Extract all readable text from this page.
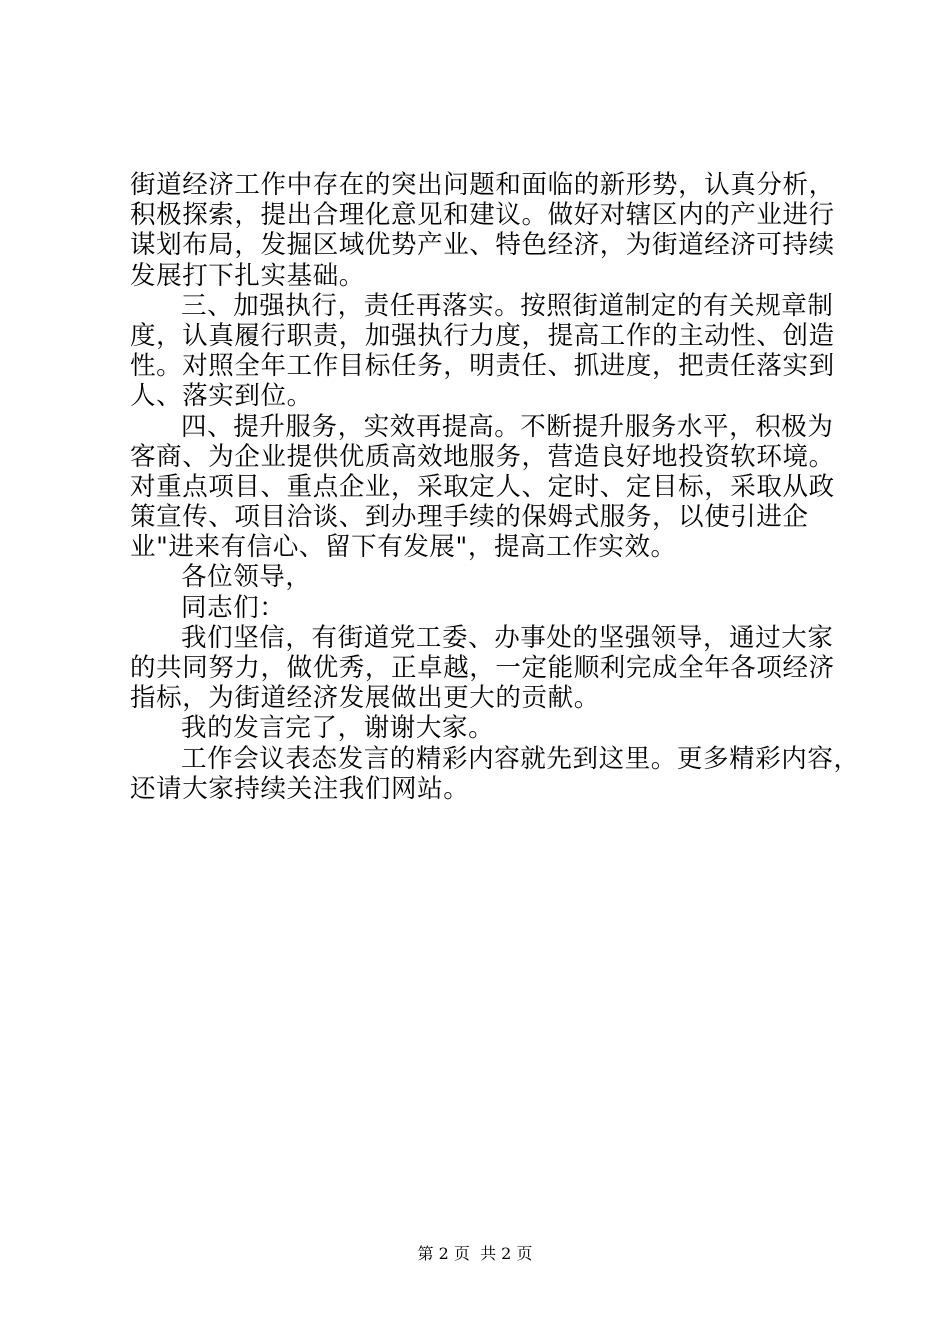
街道经济工作中存在的突出问题和面临的新形势，认真分析，
积极探索，提出合理化意见和建议。做好对辖区内的产业进行
谋划布局，发掘区域优势产业、特色经济，为街道经济可持续
发展打下扎实基础。
三、加强执行，责任再落实。按照街道制定的有关规章制
度，认真履行职责，加强执行力度，提高工作的主动性、创造
性。对照全年工作目标任务，明责任、抓进度，把责任落实到
人、落实到位。
四、提升服务，实效再提高。不断提升服务水平，积极为
客商、为企业提供优质高效地服务，营造良好地投资软环境。
对重点项目、重点企业，采取定人、定时、定目标，采取从政
策宣传、项目洽谈、到办理手续的保姆式服务，以使引进企
业"进来有信心、留下有发展"，提高工作实效。
各位领导，
同志们：
我们坚信，有街道党工委、办事处的坚强领导，通过大家
的共同努力，做优秀，正卓越，一定能顺利完成全年各项经济
指标，为街道经济发展做出更大的贡献。
我的发言完了，谢谢大家。
工作会议表态发言的精彩内容就先到这里。更多精彩内容，
还请大家持续关注我们网站。
第 2 页  共 2 页
